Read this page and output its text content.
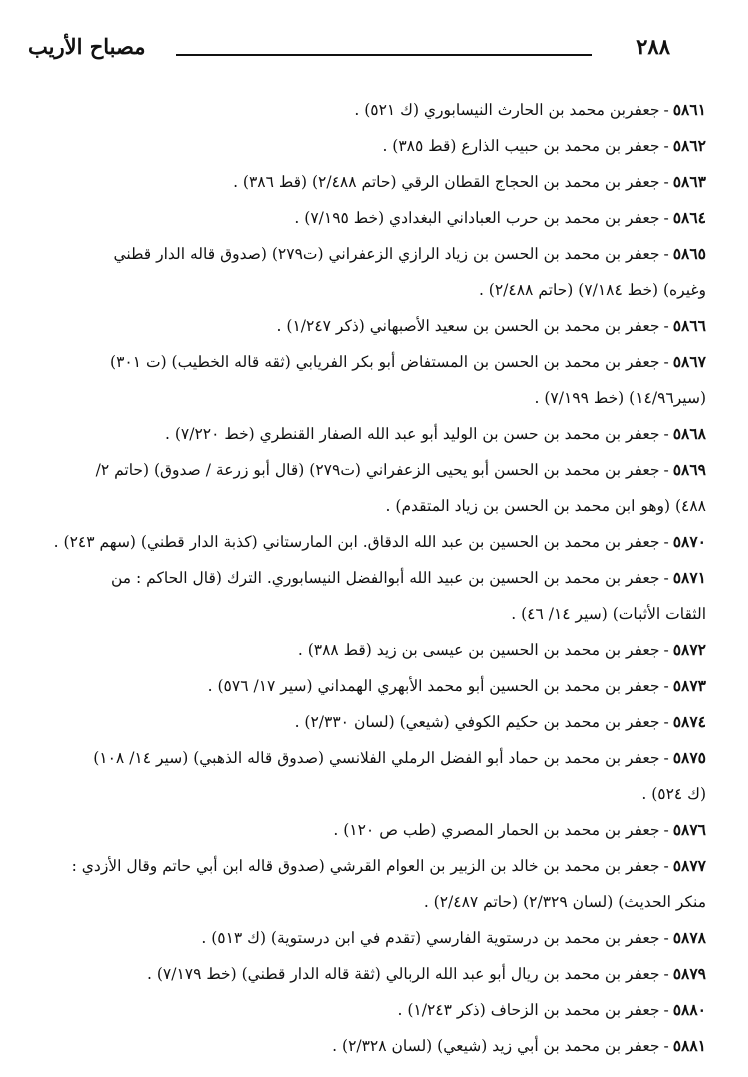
٢٨٨
مصباح الأريب
٥٨٦١-جعفربن محمد بن الحارث النيسابوري (ك ٥٢١) .
٥٨٦٢-جعفر بن محمد بن حبيب الذارع (قط ٣٨٥) .
٥٨٦٣-جعفر بن محمد بن الحجاج القطان الرقي (حاتم ٢/٤٨٨) (قط ٣٨٦) .
٥٨٦٤-جعفر بن محمد بن حرب العباداني البغدادي (خط ٧/١٩٥) .
٥٨٦٥-جعفر بن محمد بن الحسن بن زياد الرازي الزعفراني (ت٢٧٩) (صدوق قاله الدار قطني
وغيره) (خط ٧/١٨٤) (حاتم ٢/٤٨٨) .
٥٨٦٦-جعفر بن محمد بن الحسن بن سعيد الأصبهاني (ذكر ١/٢٤٧) .
٥٨٦٧-جعفر بن محمد بن الحسن بن المستفاض أبو بكر الفريابي (ثقه قاله الخطيب) (ت ٣٠١)
(سير١٤/٩٦) (خط ٧/١٩٩) .
٥٨٦٨-جعفر بن محمد بن حسن بن الوليد أبو عبد الله الصفار القنطري (خط ٧/٢٢٠) .
٥٨٦٩-جعفر بن محمد بن الحسن أبو يحيى الزعفراني (ت٢٧٩) (قال أبو زرعة / صدوق) (حاتم ٢/
٤٨٨) (وهو ابن محمد بن الحسن بن زياد المتقدم) .
٥٨٧٠-جعفر بن محمد بن الحسين بن عبد الله الدقاق. ابن المارستاني (كذبة الدار قطني) (سهم ٢٤٣) .
٥٨٧١-جعفر بن محمد بن الحسين بن عبيد الله أبوالفضل النيسابوري. الترك (قال الحاكم : من
الثقات الأثبات) (سير ١٤/ ٤٦) .
٥٨٧٢-جعفر بن محمد بن الحسين بن عيسى بن زيد (قط ٣٨٨) .
٥٨٧٣-جعفر بن محمد بن الحسين أبو محمد الأبهري الهمداني (سير ١٧/ ٥٧٦) .
٥٨٧٤-جعفر بن محمد بن حكيم الكوفي (شيعي) (لسان ٢/٣٣٠) .
٥٨٧٥-جعفر بن محمد بن حماد أبو الفضل الرملي الفلانسي (صدوق قاله الذهبي) (سير ١٤/ ١٠٨)
(ك ٥٢٤) .
٥٨٧٦-جعفر بن محمد بن الحمار المصري (طب ص ١٢٠) .
٥٨٧٧-جعفر بن محمد بن خالد بن الزبير بن العوام القرشي (صدوق قاله ابن أبي حاتم وقال الأزدي :
منكر الحديث) (لسان ٢/٣٢٩) (حاتم ٢/٤٨٧) .
٥٨٧٨-جعفر بن محمد بن درستوية الفارسي (تقدم في ابن درستوية) (ك ٥١٣) .
٥٨٧٩-جعفر بن محمد بن ريال أبو عبد الله الربالي (ثقة قاله الدار قطني) (خط ٧/١٧٩) .
٥٨٨٠-جعفر بن محمد بن الزحاف (ذكر ١/٢٤٣) .
٥٨٨١-جعفر بن محمد بن أبي زيد (شيعي) (لسان ٢/٣٢٨) .
